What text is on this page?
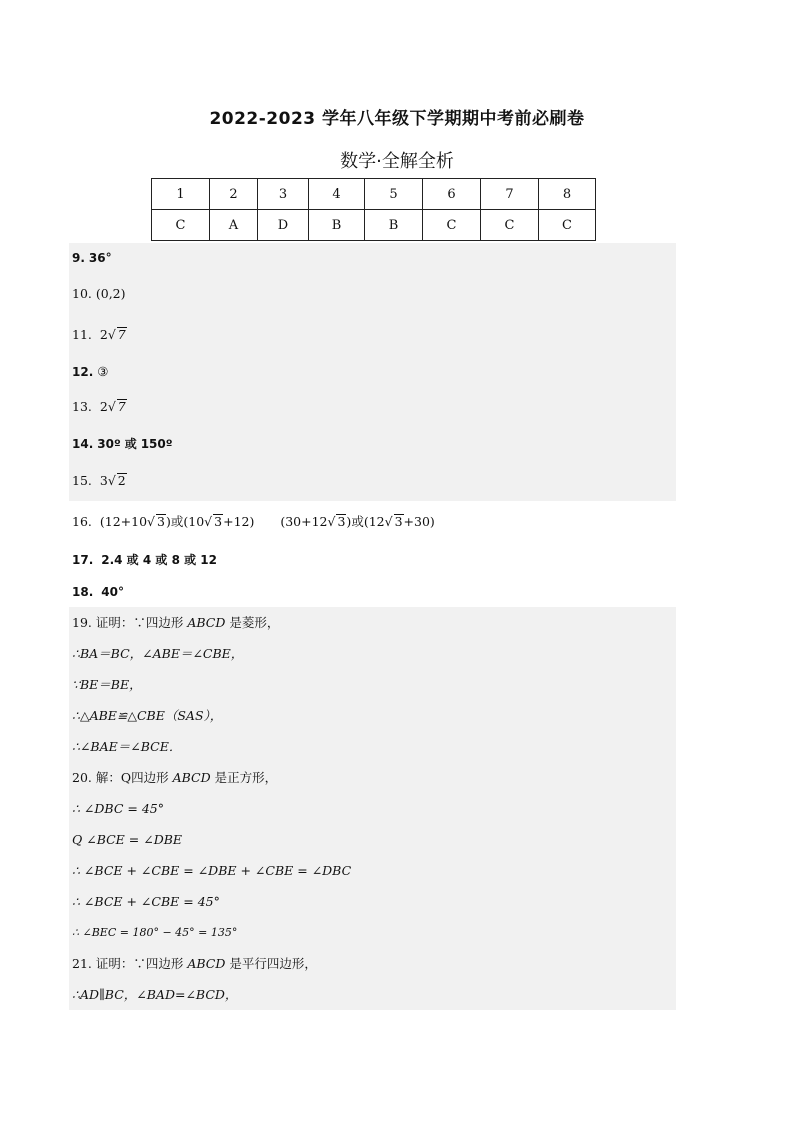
2022-2023 学年八年级下学期期中考前必刷卷
数学·全解全析
1	2	3	4	5	6	7	8
C	A	D	B	B	C	C	C
9. 36°
10. (0,2)
11. 2√ 7
12. ③
13. 2√ 7
14. 30º 或 150º
15. 3√ 2
16. (12+10√ 3)或(10√ 3+12) (30+12√ 3)或(12√ 3+30)
17. 2.4 或 4 或 8 或 12
18. 40°
19. 证明：∵四边形 ABCD 是菱形，
∴BA＝BC，∠ABE＝∠CBE，
∵BE＝BE，
∴△ABE≌△CBE（SAS），
∴∠BAE＝∠BCE．
20. 解：Q四边形 ABCD 是正方形，
∴ ∠DBC = 45°
Q ∠BCE = ∠DBE
∴ ∠BCE + ∠CBE = ∠DBE + ∠CBE = ∠DBC
∴ ∠BCE + ∠CBE = 45°
∴ ∠BEC = 180° − 45° = 135°
21. 证明：∵四边形 ABCD 是平行四边形，
∴AD∥BC，∠BAD=∠BCD，
